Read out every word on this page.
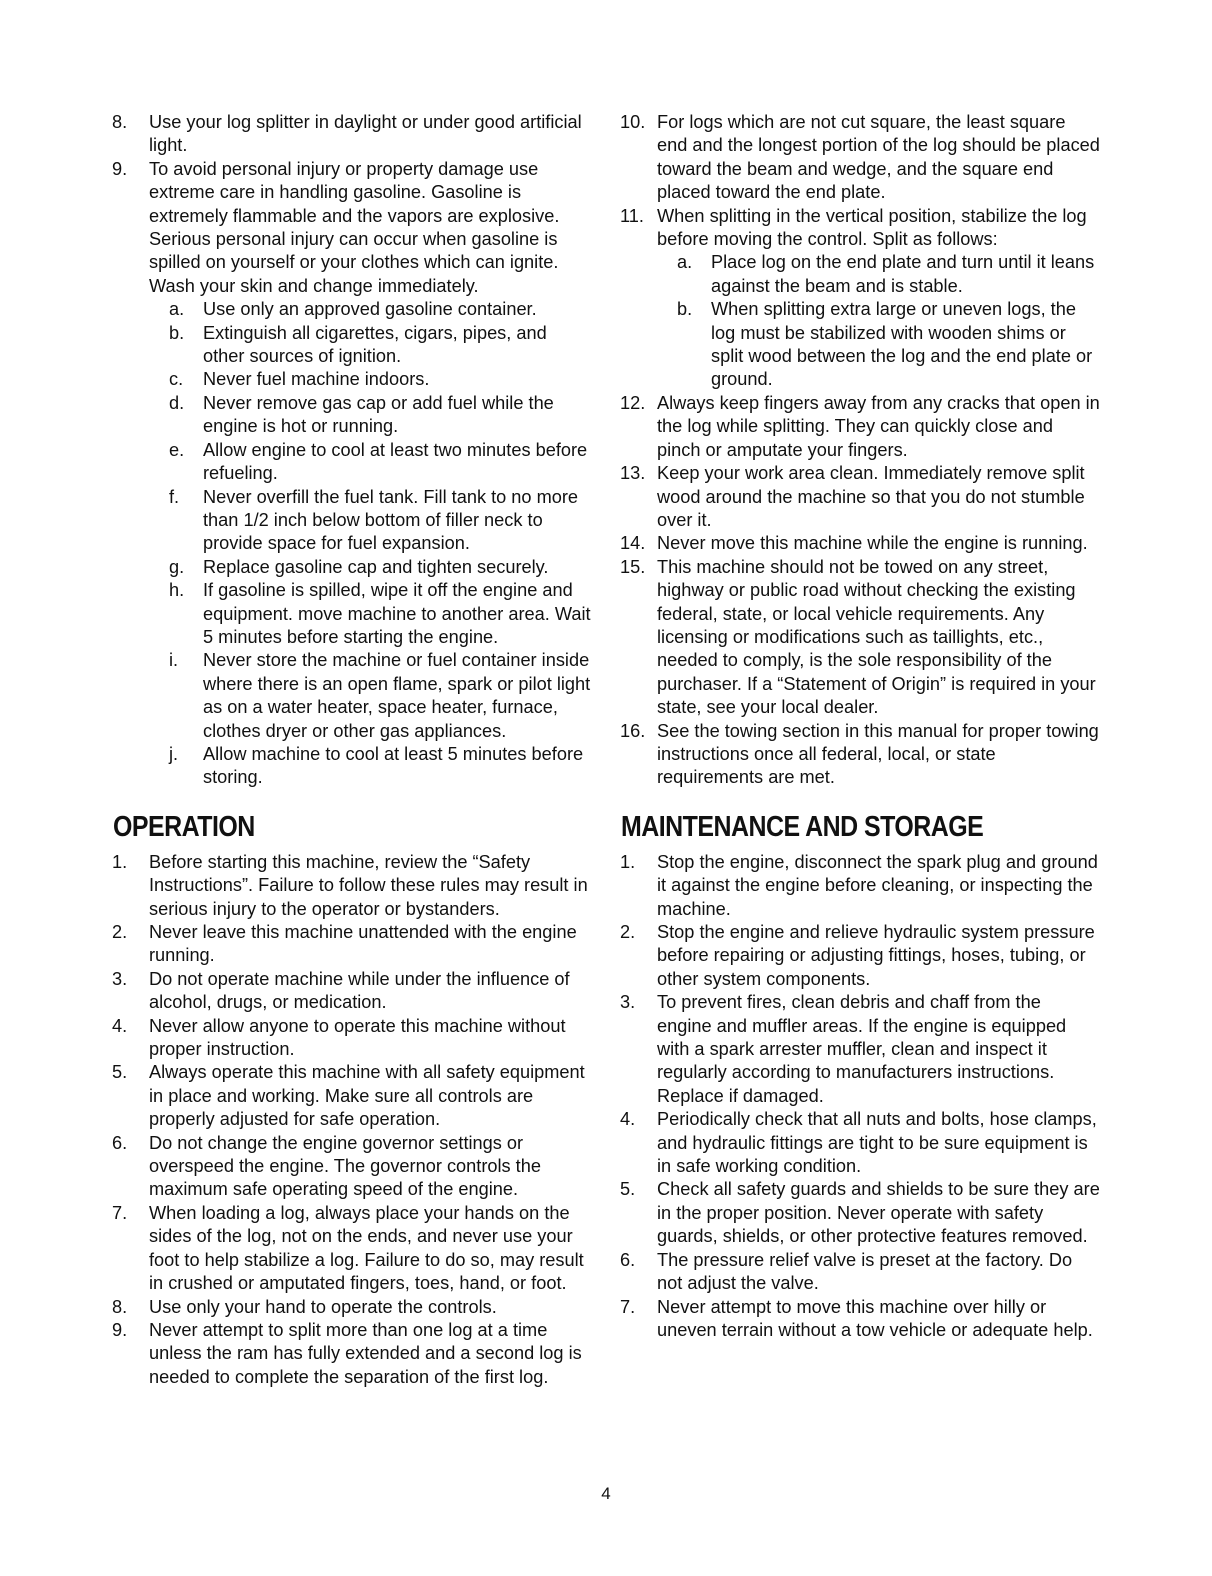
8. Use your log splitter in daylight or under good artificial light.
9. To avoid personal injury or property damage use extreme care in handling gasoline. Gasoline is extremely flammable and the vapors are explosive. Serious personal injury can occur when gasoline is spilled on yourself or your clothes which can ignite. Wash your skin and change immediately.
a. Use only an approved gasoline container.
b. Extinguish all cigarettes, cigars, pipes, and other sources of ignition.
c. Never fuel machine indoors.
d. Never remove gas cap or add fuel while the engine is hot or running.
e. Allow engine to cool at least two minutes before refueling.
f. Never overfill the fuel tank. Fill tank to no more than 1/2 inch below bottom of filler neck to provide space for fuel expansion.
g. Replace gasoline cap and tighten securely.
h. If gasoline is spilled, wipe it off the engine and equipment. move machine to another area. Wait 5 minutes before starting the engine.
i. Never store the machine or fuel container inside where there is an open flame, spark or pilot light as on a water heater, space heater, furnace, clothes dryer or other gas appliances.
j. Allow machine to cool at least 5 minutes before storing.
OPERATION
1. Before starting this machine, review the “Safety Instructions”. Failure to follow these rules may result in serious injury to the operator or bystanders.
2. Never leave this machine unattended with the engine running.
3. Do not operate machine while under the influence of alcohol, drugs, or medication.
4. Never allow anyone to operate this machine without proper instruction.
5. Always operate this machine with all safety equipment in place and working. Make sure all controls are properly adjusted for safe operation.
6. Do not change the engine governor settings or overspeed the engine. The governor controls the maximum safe operating speed of the engine.
7. When loading a log, always place your hands on the sides of the log, not on the ends, and never use your foot to help stabilize a log. Failure to do so, may result in crushed or amputated fingers, toes, hand, or foot.
8. Use only your hand to operate the controls.
9. Never attempt to split more than one log at a time unless the ram has fully extended and a second log is needed to complete the separation of the first log.
10. For logs which are not cut square, the least square end and the longest portion of the log should be placed toward the beam and wedge, and the square end placed toward the end plate.
11. When splitting in the vertical position, stabilize the log before moving the control. Split as follows:
a. Place log on the end plate and turn until it leans against the beam and is stable.
b. When splitting extra large or uneven logs, the log must be stabilized with wooden shims or split wood between the log and the end plate or ground.
12. Always keep fingers away from any cracks that open in the log while splitting. They can quickly close and pinch or amputate your fingers.
13. Keep your work area clean. Immediately remove split wood around the machine so that you do not stumble over it.
14. Never move this machine while the engine is running.
15. This machine should not be towed on any street, highway or public road without checking the existing federal, state, or local vehicle requirements. Any licensing or modifications such as taillights, etc., needed to comply, is the sole responsibility of the purchaser. If a “Statement of Origin” is required in your state, see your local dealer.
16. See the towing section in this manual for proper towing instructions once all federal, local, or state requirements are met.
MAINTENANCE AND STORAGE
1. Stop the engine, disconnect the spark plug and ground it against the engine before cleaning, or inspecting the machine.
2. Stop the engine and relieve hydraulic system pressure before repairing or adjusting fittings, hoses, tubing, or other system components.
3. To prevent fires, clean debris and chaff from the engine and muffler areas. If the engine is equipped with a spark arrester muffler, clean and inspect it regularly according to manufacturers instructions. Replace if damaged.
4. Periodically check that all nuts and bolts, hose clamps, and hydraulic fittings are tight to be sure equipment is in safe working condition.
5. Check all safety guards and shields to be sure they are in the proper position. Never operate with safety guards, shields, or other protective features removed.
6. The pressure relief valve is preset at the factory. Do not adjust the valve.
7. Never attempt to move this machine over hilly or uneven terrain without a tow vehicle or adequate help.
4
